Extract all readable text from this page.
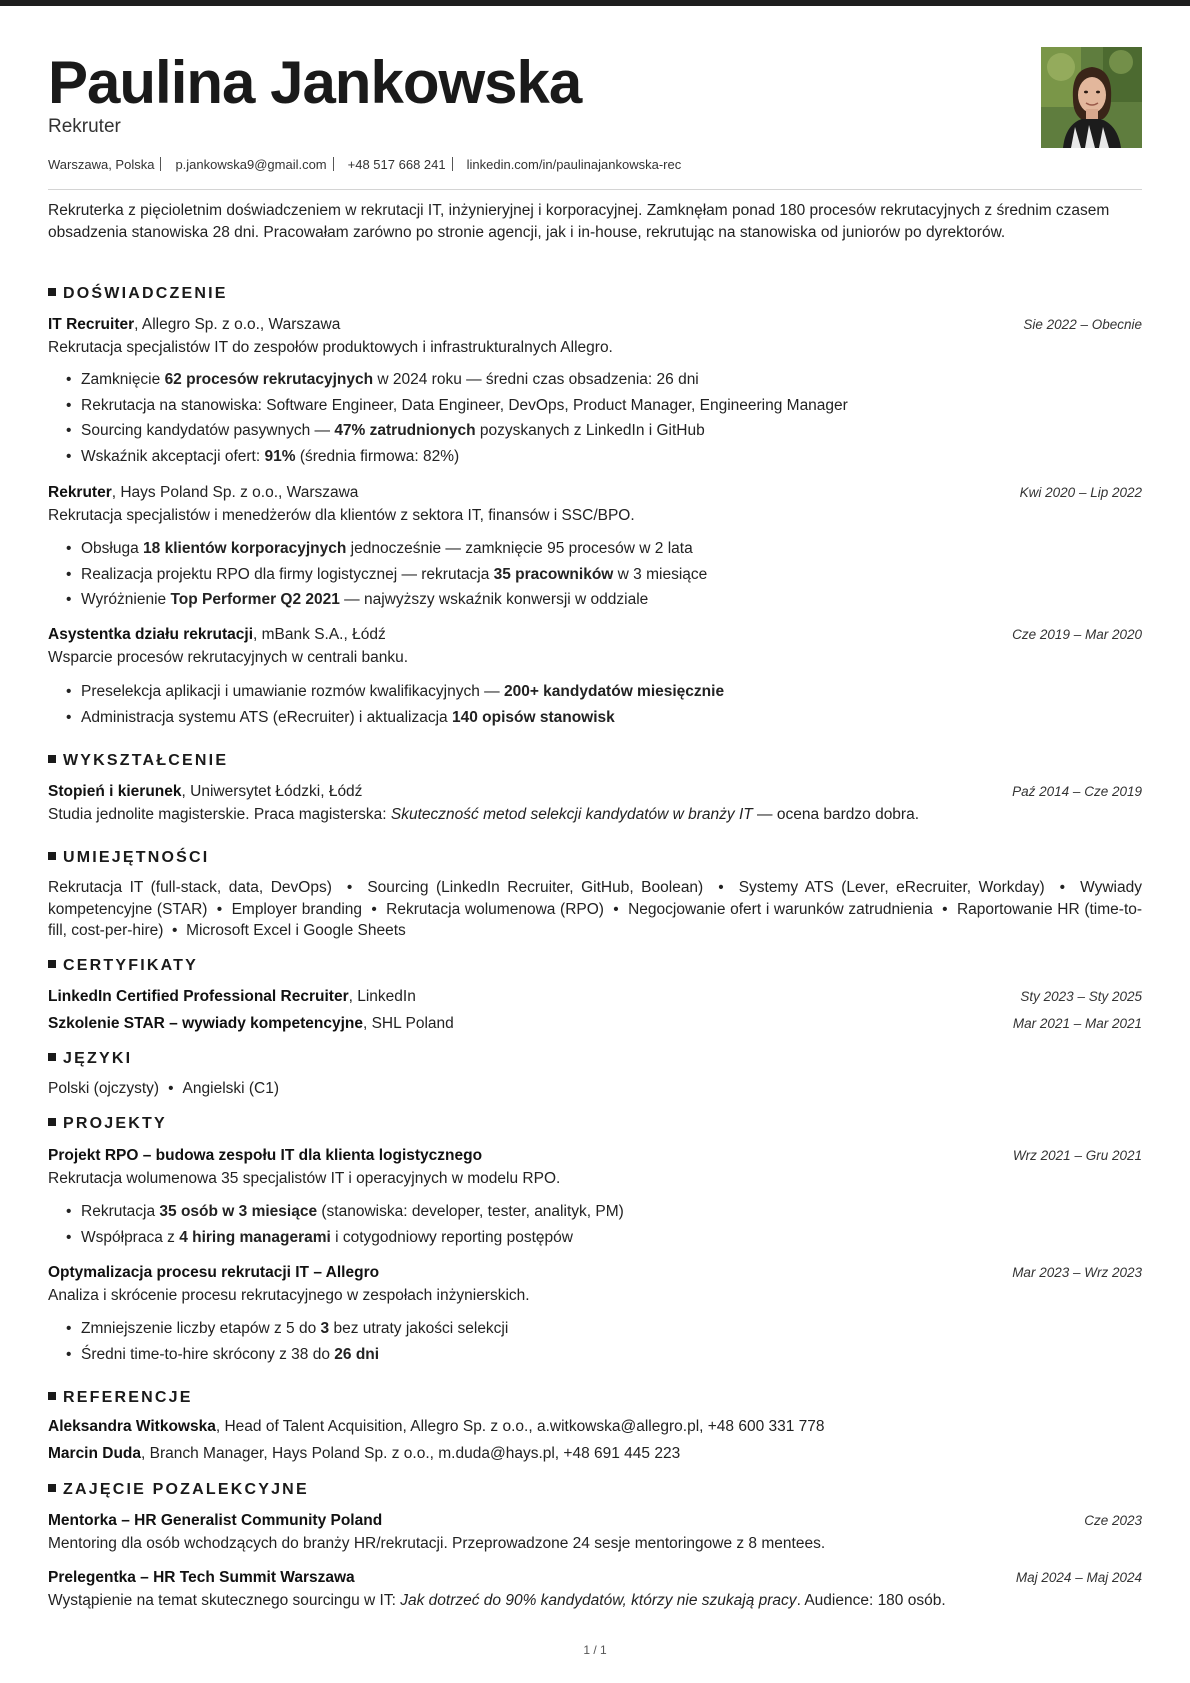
Paulina Jankowska
Rekruter
Warszawa, Polska p.jankowska9@gmail.com +48 517 668 241 linkedin.com/in/paulinajankowska-rec
Rekruterka z pięcioletnim doświadczeniem w rekrutacji IT, inżynieryjnej i korporacyjnej. Zamknęłam ponad 180 procesów rekrutacyjnych z średnim czasem obsadzenia stanowiska 28 dni. Pracowałam zarówno po stronie agencji, jak i in-house, rekrutując na stanowiska od juniorów po dyrektorów.
DOŚWIADCZENIE
IT Recruiter, Allegro Sp. z o.o., Warszawa	Sie 2022 – Obecnie
Rekrutacja specjalistów IT do zespołów produktowych i infrastrukturalnych Allegro.
• Zamknięcie 62 procesów rekrutacyjnych w 2024 roku — średni czas obsadzenia: 26 dni
• Rekrutacja na stanowiska: Software Engineer, Data Engineer, DevOps, Product Manager, Engineering Manager
• Sourcing kandydatów pasywnych — 47% zatrudnionych pozyskanych z LinkedIn i GitHub
• Wskaźnik akceptacji ofert: 91% (średnia firmowa: 82%)
Rekruter, Hays Poland Sp. z o.o., Warszawa	Kwi 2020 – Lip 2022
Rekrutacja specjalistów i menedżerów dla klientów z sektora IT, finansów i SSC/BPO.
• Obsługa 18 klientów korporacyjnych jednocześnie — zamknięcie 95 procesów w 2 lata
• Realizacja projektu RPO dla firmy logistycznej — rekrutacja 35 pracowników w 3 miesiące
• Wyróżnienie Top Performer Q2 2021 — najwyższy wskaźnik konwersji w oddziale
Asystentka działu rekrutacji, mBank S.A., Łódź	Cze 2019 – Mar 2020
Wsparcie procesów rekrutacyjnych w centrali banku.
• Preselekcja aplikacji i umawianie rozmów kwalifikacyjnych — 200+ kandydatów miesięcznie
• Administracja systemu ATS (eRecruiter) i aktualizacja 140 opisów stanowisk
WYKSZTAŁCENIE
Stopień i kierunek, Uniwersytet Łódzki, Łódź	Paź 2014 – Cze 2019
Studia jednolite magisterskie. Praca magisterska: Skuteczność metod selekcji kandydatów w branży IT — ocena bardzo dobra.
UMIEJĘTNOŚCI
Rekrutacja IT (full-stack, data, DevOps)  •  Sourcing (LinkedIn Recruiter, GitHub, Boolean)  •  Systemy ATS (Lever, eRecruiter, Workday)  •  Wywiady kompetencyjne (STAR)  •  Employer branding  •  Rekrutacja wolumenowa (RPO)  •  Negocjowanie ofert i warunków zatrudnienia  •  Raportowanie HR (time-to-fill, cost-per-hire)  •  Microsoft Excel i Google Sheets
CERTYFIKATY
LinkedIn Certified Professional Recruiter, LinkedIn	Sty 2023 – Sty 2025
Szkolenie STAR – wywiady kompetencyjne, SHL Poland	Mar 2021 – Mar 2021
JĘZYKI
Polski (ojczysty) • Angielski (C1)
PROJEKTY
Projekt RPO – budowa zespołu IT dla klienta logistycznego	Wrz 2021 – Gru 2021
Rekrutacja wolumenowa 35 specjalistów IT i operacyjnych w modelu RPO.
• Rekrutacja 35 osób w 3 miesiące (stanowiska: developer, tester, analityk, PM)
• Współpraca z 4 hiring managerami i cotygodniowy reporting postępów
Optymalizacja procesu rekrutacji IT – Allegro	Mar 2023 – Wrz 2023
Analiza i skrócenie procesu rekrutacyjnego w zespołach inżynierskich.
• Zmniejszenie liczby etapów z 5 do 3 bez utraty jakości selekcji
• Średni time-to-hire skrócony z 38 do 26 dni
REFERENCJE
Aleksandra Witkowska, Head of Talent Acquisition, Allegro Sp. z o.o., a.witkowska@allegro.pl, +48 600 331 778
Marcin Duda, Branch Manager, Hays Poland Sp. z o.o., m.duda@hays.pl, +48 691 445 223
ZAJĘCIE POZALEKCYJNE
Mentorka – HR Generalist Community Poland	Cze 2023
Mentoring dla osób wchodzących do branży HR/rekrutacji. Przeprowadzone 24 sesje mentoringowe z 8 mentees.
Prelegentka – HR Tech Summit Warszawa	Maj 2024 – Maj 2024
Wystąpienie na temat skutecznego sourcingu w IT: Jak dotrzeć do 90% kandydatów, którzy nie szukają pracy. Audience: 180 osób.
1 / 1
